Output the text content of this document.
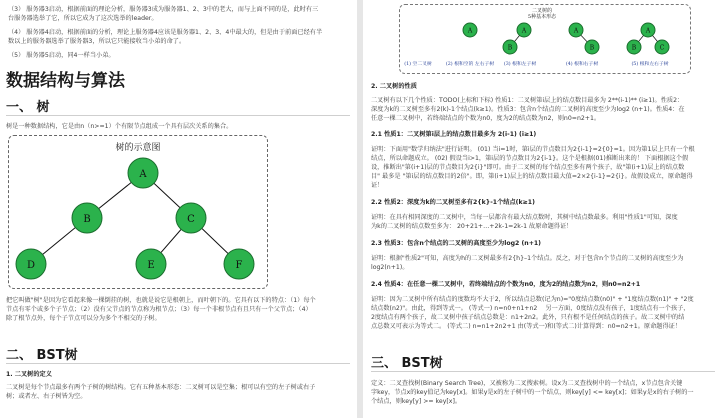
（3） 服务器3启动，根据前面的理论分析，服务器3成为服务器1、2、3中的老大，而与上面不同的是，此时有三
台服务器选举了它，所以它成为了这次选举的leader。
（4） 服务器4启动，根据前面的分析，理论上服务器4应该是服务器1、2、3、4中最大的，但是由于前面已经有半
数以上的服务器选举了服务器3，所以它只能接收当小弟的命了。
（5） 服务器5启动，同4一样当小弟。
数据结构与算法
一、 树
树是一种数据结构，它是由n（n>=1）个有限节点组成一个具有层次关系的集合。
树的示意图
A
B	C
D	E	F
把它叫做"树"是因为它看起来像一棵倒挂的树，也就是说它是根朝上，而叶朝下的。它具有以下的特点：（1）每个
节点有零个或多个子节点；（2）没有父节点的节点称为根节点；（3）每一个非根节点有且只有一个父节点；（4）
除了根节点外，每个子节点可以分为多个不相交的子树。
二、 BST树
1. 二叉树的定义
二叉树是每个节点最多有两个子树的树结构。它有五种基本形态：二叉树可以是空集；根可以有空的左子树或右子
树；或者左、右子树皆为空。
二叉树的
5种基本形态
A	A
B
A
B
A
B	C
(1) 空二叉树	(2) 根和空的 左右子树 (3) 根和左子树	(4) 根和右子树	(5) 根和左右子树
2. 二叉树的性质
二叉树有以下几个性质：TODO(上标和下标) 性质1：二叉树第i层上的结点数目最多为 2**(i-1)** (i≥1)。性质2：
深度为k的二叉树至多有2(k)-1个结点(k≥1)。性质3：包含n个结点的二叉树的高度至少为log2 (n+1)。性质4：在
任意一棵二叉树中，若终端结点的个数为n0，度为2的结点数为n2，则n0=n2+1。
2.1 性质1：二叉树第i层上的结点数目最多为 2(i-1) (i≥1)
证明：下面用"数学归纳法"进行证明。 (01) 当i=1时，第i层的节点数目为2{i-1}=2{0}=1。因为第1层上只有一个根
结点，所以命题成立。 (02) 假设当i>1，第i层的节点数目为2{i-1}。这个是根据(01)推断出来的！ 下面根据这个假
设，推断出"第(i+1)层的节点数目为2{i}"即可。由于二叉树的每个结点至多有两个孩子，故"第(i+1)层上的结点数
目" 最多是 "第i层的结点数目的2倍"。即，第(i+1)层上的结点数目最大值=2×2{i-1}=2{i}。故假设成立，原命题得
证！
2.2 性质2：深度为k的二叉树至多有2{k}-1个结点(k≥1)
证明：在具有相同深度的二叉树中，当每一层都含有最大结点数时，其树中结点数最多。利用"性质1"可知，深度
为k的二叉树的结点数至多为： 20+21+…+2k-1=2k-1 故原命题得证！
2.3 性质3：包含n个结点的二叉树的高度至少为log2 (n+1)
证明：根据"性质2"可知，高度为h的二叉树最多有2{h}–1个结点。反之，对于包含n个节点的二叉树的高度至少为
log2(n+1)。
2.4 性质4：在任意一棵二叉树中，若终端结点的个数为n0，度为2的结点数为n2，则n0=n2+1
证明：因为二叉树中所有结点的度数均不大于2，所以结点总数(记为n)="0度结点数(n0)" + "1度结点数(n1)" + "2度
结点数(n2)"。由此，得到等式一。 (等式一) n=n0+n1+n2　 另一方面，0度结点没有孩子，1度结点有一个孩子，
2度结点有两个孩子，故二叉树中孩子结点总数是：n1+2n2。此外，只有根不是任何结点的孩子。故二叉树中的结
点总数又可表示为等式二。 (等式二) n=n1+2n2+1 由(等式一)和(等式二)计算得到：n0=n2+1。原命题得证！
三、 BST树
定义：二叉查找树(Binary Search Tree)，又被称为二叉搜索树。设x为二叉查找树中的一个结点，x节点包含关键
字key，节点x的key值记为key[x]。如果y是x的左子树中的一个结点，则key[y] <= key[x]；如果y是x的右子树的一
个结点，则key[y] >= key[x]。
